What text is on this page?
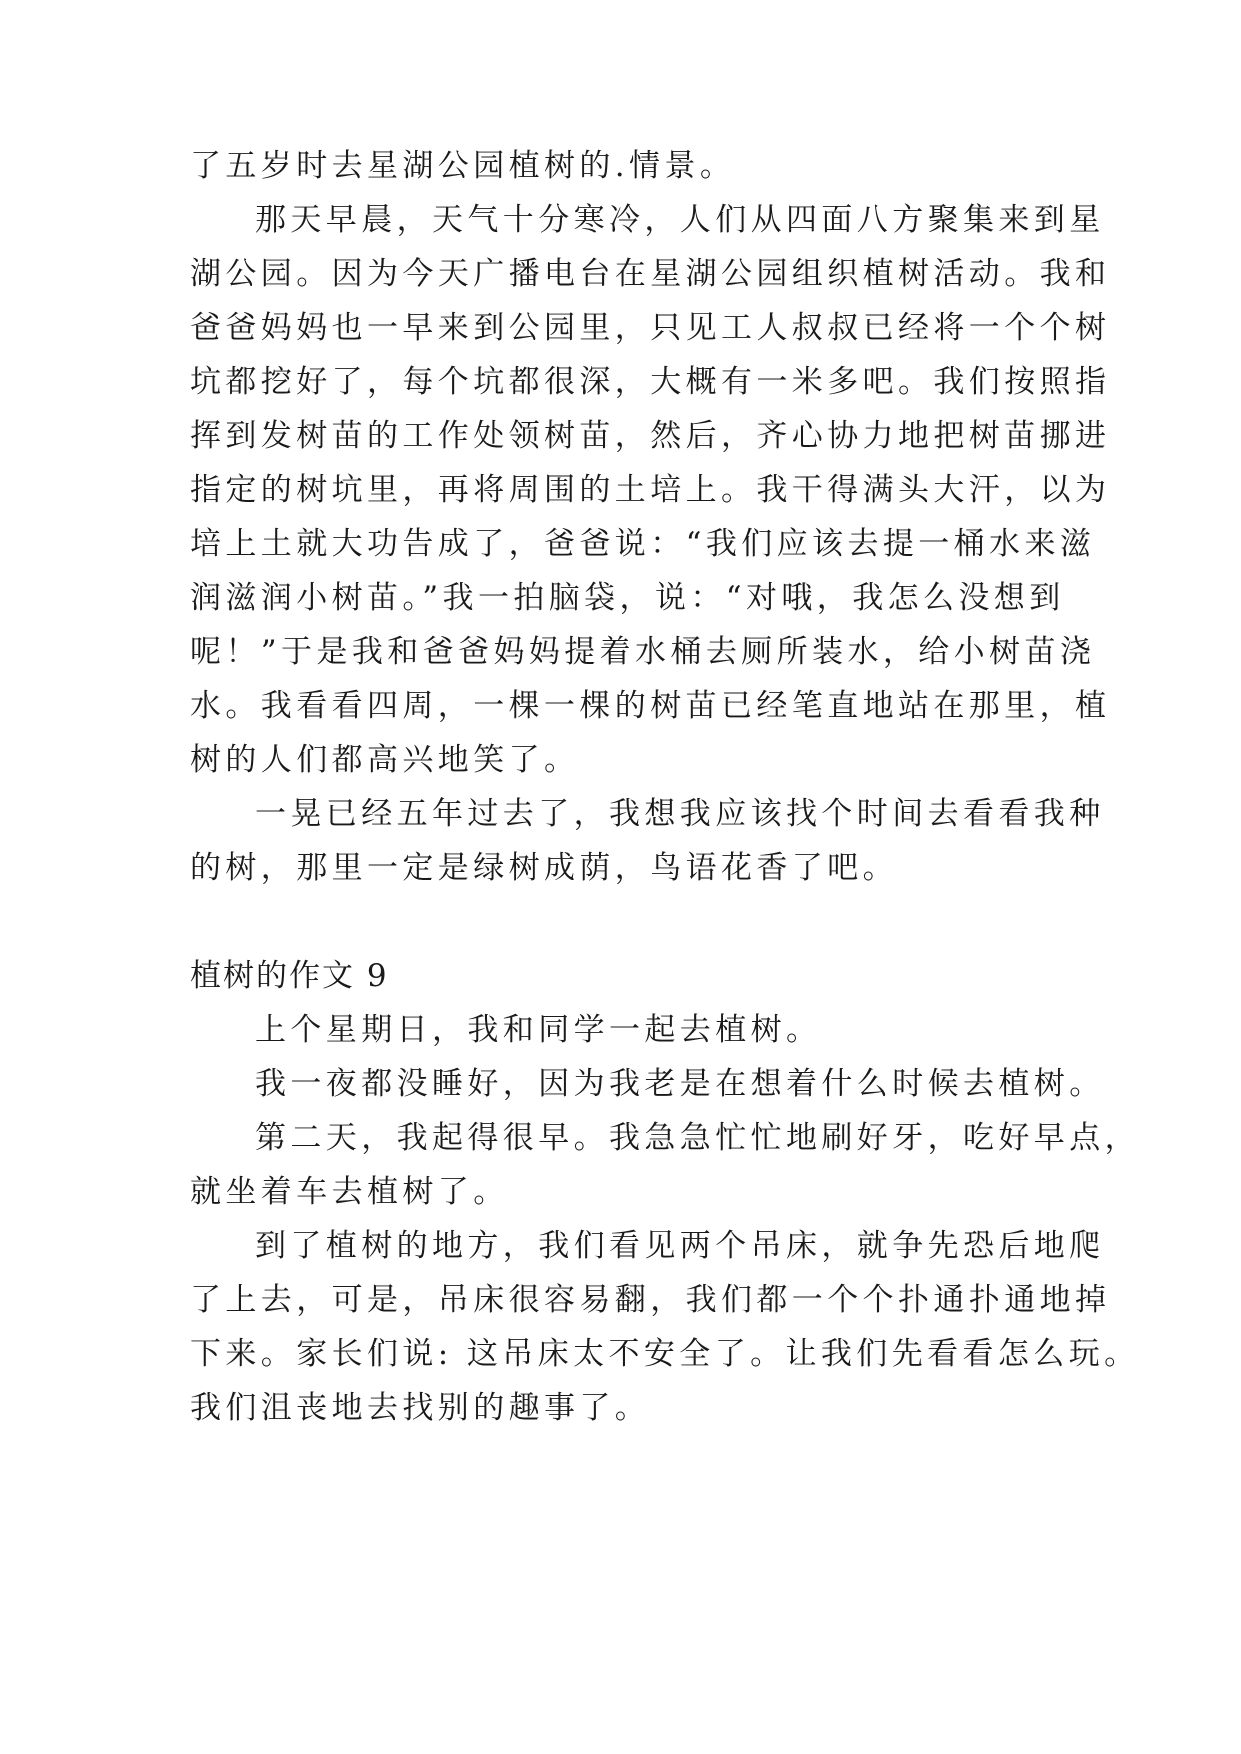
了五岁时去星湖公园植树的.情景。
那天早晨，天气十分寒冷，人们从四面八方聚集来到星
湖公园。因为今天广播电台在星湖公园组织植树活动。我和
爸爸妈妈也一早来到公园里，只见工人叔叔已经将一个个树
坑都挖好了，每个坑都很深，大概有一米多吧。我们按照指
挥到发树苗的工作处领树苗，然后，齐心协力地把树苗挪进
指定的树坑里，再将周围的土培上。我干得满头大汗，以为
培上土就大功告成了，爸爸说：“我们应该去提一桶水来滋
润滋润小树苗。”我一拍脑袋，说：“对哦，我怎么没想到
呢！”于是我和爸爸妈妈提着水桶去厕所装水，给小树苗浇
水。我看看四周，一棵一棵的树苗已经笔直地站在那里，植
树的人们都高兴地笑了。
一晃已经五年过去了，我想我应该找个时间去看看我种
的树，那里一定是绿树成荫，鸟语花香了吧。
植树的作文 9
上个星期日，我和同学一起去植树。
我一夜都没睡好，因为我老是在想着什么时候去植树。
第二天，我起得很早。我急急忙忙地刷好牙，吃好早点，
就坐着车去植树了。
到了植树的地方，我们看见两个吊床，就争先恐后地爬
了上去，可是，吊床很容易翻，我们都一个个扑通扑通地掉
下来。家长们说: 这吊床太不安全了。让我们先看看怎么玩。
我们沮丧地去找别的趣事了。
